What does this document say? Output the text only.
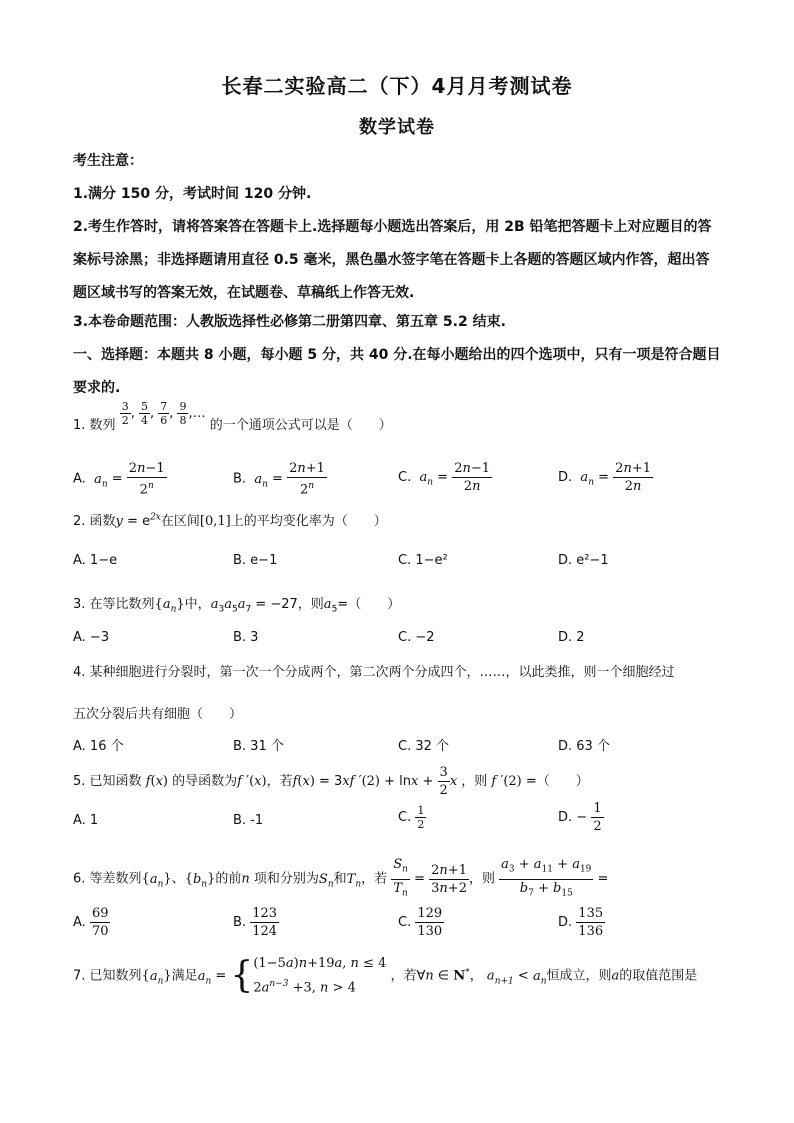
长春二实验高二（下）4月月考测试卷
数学试卷
考生注意：
1.满分 150 分，考试时间 120 分钟.
2.考生作答时，请将答案答在答题卡上.选择题每小题选出答案后，用 2B 铅笔把答题卡上对应题目的答案标号涂黑；非选择题请用直径 0.5 毫米，黑色墨水签字笔在答题卡上各题的答题区域内作答，超出答题区域书写的答案无效，在试题卷、草稿纸上作答无效.
3.本卷命题范围：人教版选择性必修第二册第四章、第五章 5.2 结束.
一、选择题：本题共 8 小题，每小题 5 分，共 40 分.在每小题给出的四个选项中，只有一项是符合题目要求的.
1. 数列 $\frac{3}{2}$ , $\frac{5}{4}$ , $\frac{7}{6}$ , $\frac{9}{8}$ ,… 的一个通项公式可以是（　　）
A.  $a_n = \frac{2n-1}{2^n}$	B.  $a_n = \frac{2n+1}{2^n}$	C.  $a_n = \frac{2n-1}{2n}$	D.  $a_n = \frac{2n+1}{2n}$
2. 函数$y = e^{2x}$在区间[0,1]上的平均变化率为（　　）
A. 1−e	B. e−1	C. 1−e²	D. e²−1
3. 在等比数列$\{a_n\}$中，$a_3a_5a_7 = -27$，则$a_5=$（　　）
A. −3	B. 3	C. −2	D. 2
4. 某种细胞进行分裂时，第一次一个分成两个，第二次两个分成四个，……，以此类推，则一个细胞经过
五次分裂后共有细胞（　　）
A. 16 个	B. 31 个	C. 32 个	D. 63 个
5. 已知函数 f(x) 的导函数为f ′(x)，若f(x) = 3xf $'(2) + \ln x + \frac{3}{2}$ x ，则 f ′(2) =（　　）
A. 1	B. -1	C. $\frac{1}{2}$	D. − $\frac{1}{2}$
6. 等差数列$\{a_n\}$、$\{b_n\}$的前n 项和分别为$S_n$和$T_n$，若 $\frac{S_n}{T_n} = \frac{2n+1}{3n+2}$ ，则 $\frac{a_3 + a_{11} + a_{19}}{b_7 + b_{15}}$ =
A. $\frac{69}{70}$	B. $\frac{123}{124}$	C. $\frac{129}{130}$	D. $\frac{135}{136}$
7. 已知数列$\{a_n\}$满足$a_n$ = { (1−5a)n+19a, n ≤ 4
$2a^{n-3} +3$, n > 4
，若∀n ∈ N*， $a_{n+1} < a_n$恒成立，则a的取值范围是
